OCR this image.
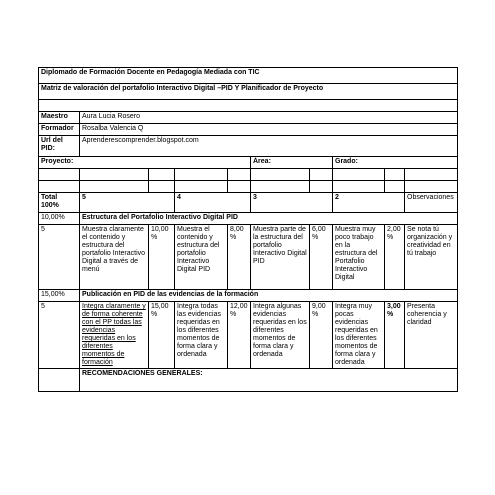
Diplomado de Formación Docente en Pedagogía Mediada con TIC									
Matriz de valoración del portafolio Interactivo Digital –PID Y Planificador de Proyecto									

Maestro	Aura Lucia Rosero								
Formador	Rosalba Valencia Q								
Url del PID:	Aprenderescomprender.blogspot.com								
Proyecto:					Área:		Grado:		

Total 100%	5		4		3		2		Observaciones
10,00%	Estructura del Portafolio Interactivo Digital PID								
5	Muestra claramente el contenido y estructura del portafolio Interactivo Digital a través de menú	10,00 %	Muestra el contenido y estructura del portafolio Interactivo Digital PID	8,00 %	Muestra parte de la estructura del portafolio Interactivo Digital PID	6,00 %	Muestra muy poco trabajo en la estructura del Portafolio Interactivo Digital	2,00 %	Se nota tú organización y creatividad en tú trabajo
15,00%	Publicación en PID de las evidencias de la formación								
5	Integra claramente y de forma coherente con el PP todas las evidencias requeridas en los diferentes momentos de formación	15,00 %	Integra todas las evidencias requeridas en los diferentes momentos de forma clara y ordenada	12,00 %	Integra algunas evidencias requeridas en los diferentes momentos de forma clara y ordenada	9,00 %	Integra muy pocas evidencias requeridas en los diferentes momentos de forma clara y ordenada	3,00 %	Presenta coherencia y claridad
	RECOMENDACIONES GENERALES:								
